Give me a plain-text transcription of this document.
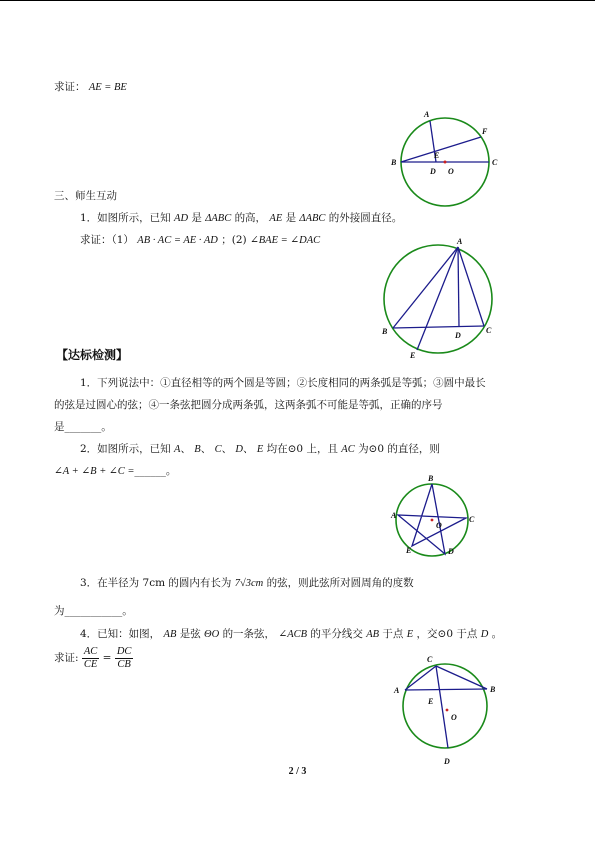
求证： AE = BE
A
F
E
B
D O
C
三、师生互动
1．如图所示，已知 AD 是 ΔABC 的高， AE 是 ΔABC 的外接圆直径。
求证：（1） AB · AC = AE · AD ；(2) ∠BAE = ∠DAC	A
B	D
C
E
【达标检测】
1．下列说法中：①直径相等的两个圆是等圆；②长度相同的两条弧是等弧；③圆中最长
的弦是过圆心的弦；④一条弦把圆分成两条弧，这两条弧不可能是等弧，正确的序号
是_______。
2．如图所示，已知 A、 B、 C、 D、 E 均在⊙0 上，且 AC 为⊙0 的直径，则
∠A + ∠B + ∠C =______。
B
A
O
C
E	D
3．在半径为 7cm 的圆内有长为 7√3cm 的弦，则此弦所对圆周角的度数
为___________。
4．已知：如图， AB 是弦 ΘO 的一条弦， ∠ACB 的平分线交 AB 于点 E ，交⊙0 于点 D 。
求证: $\frac{AC}{CE} = \frac{DC}{CB}$	C
A	B
E
O
D
2 / 3
